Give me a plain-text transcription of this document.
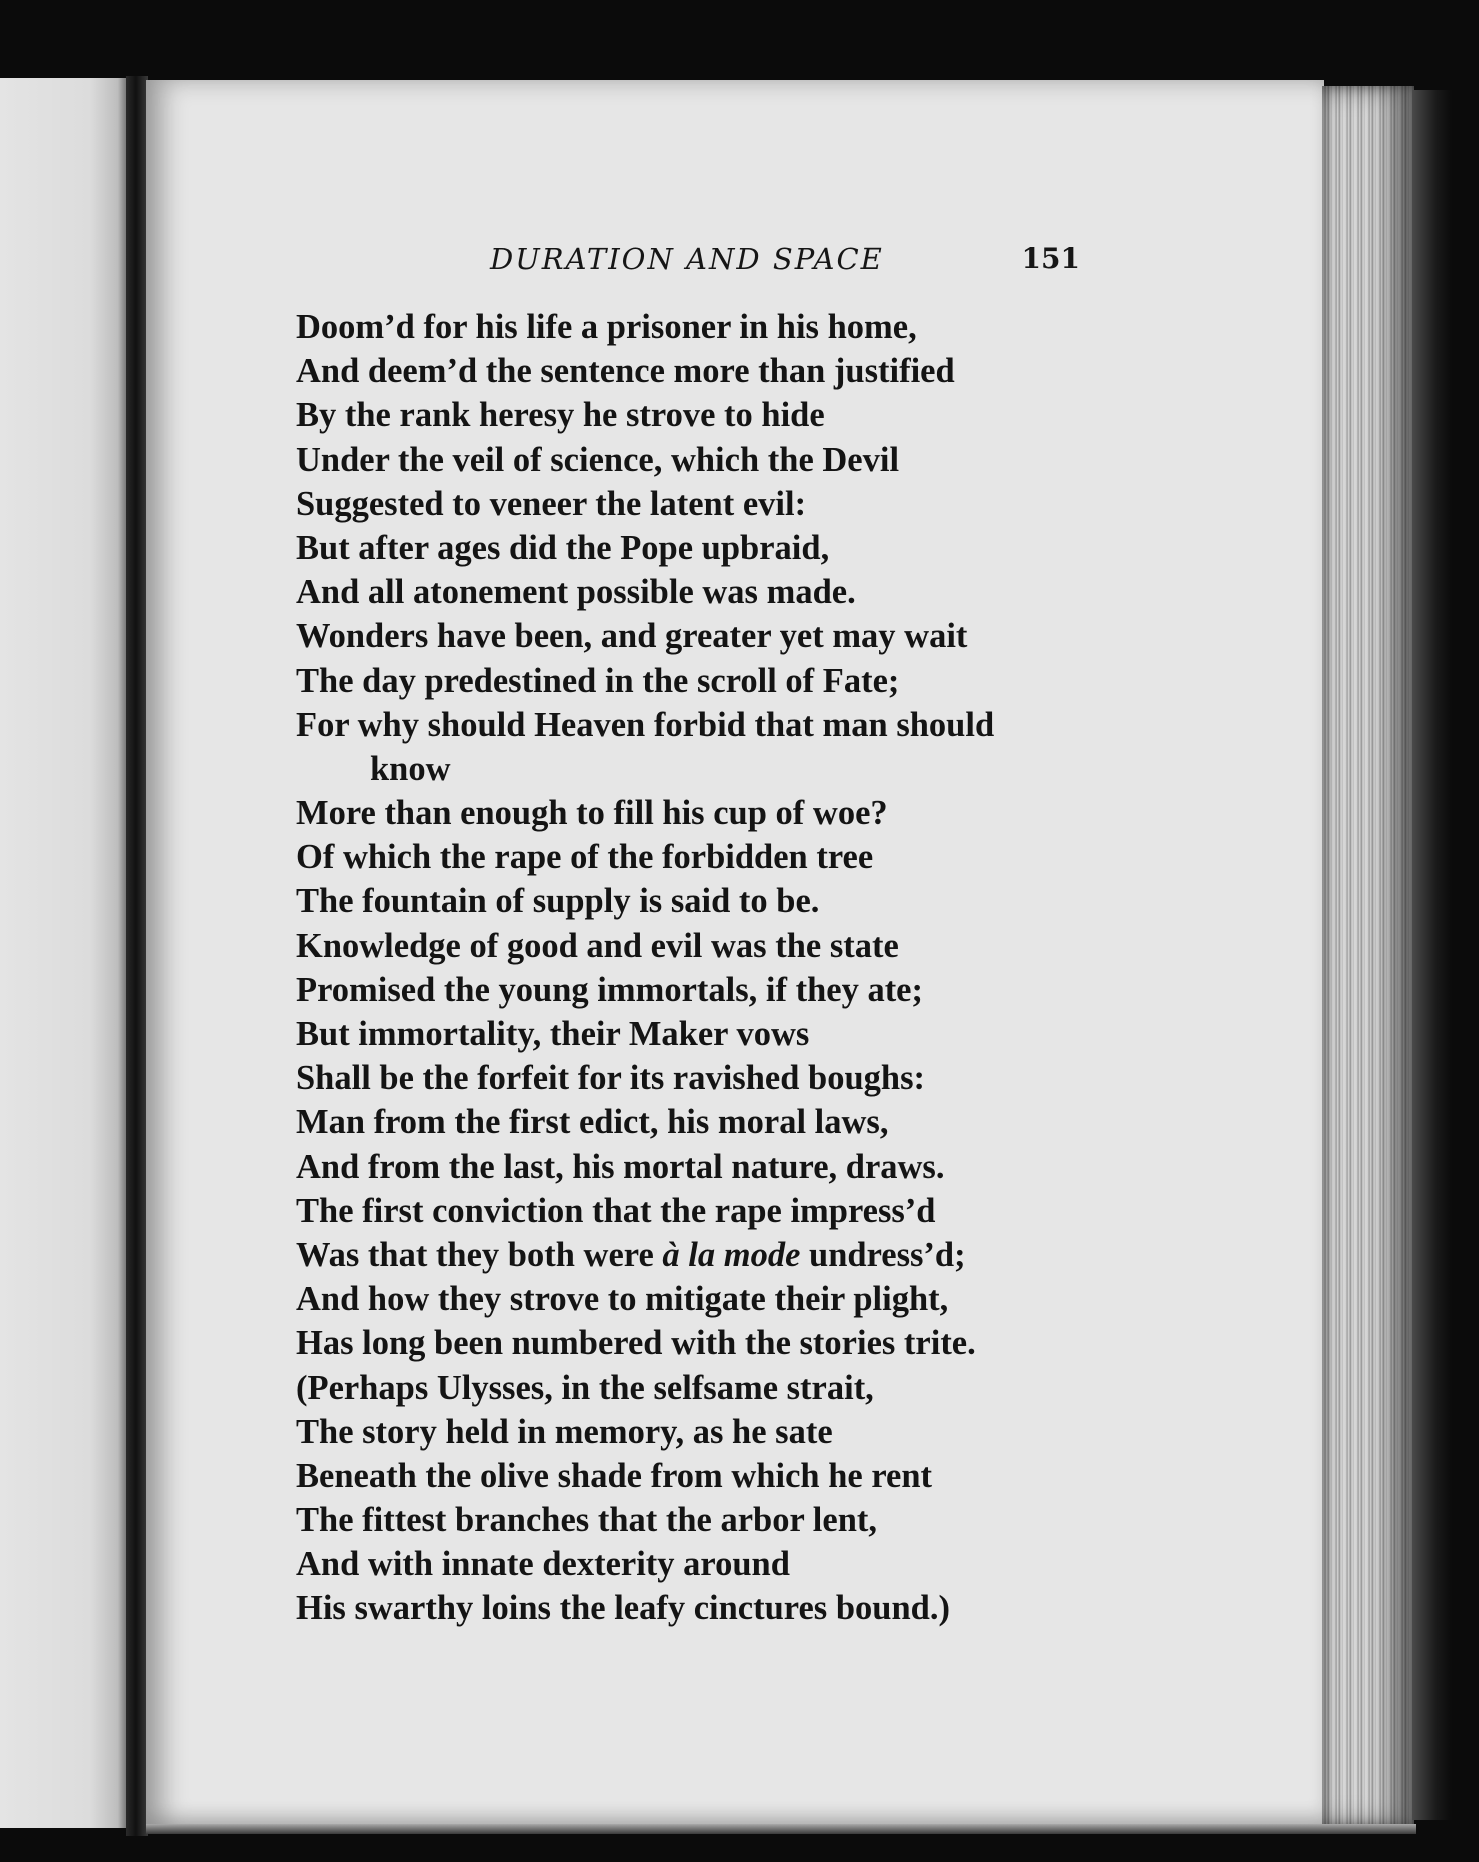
DURATION AND SPACE	151
Doom’d for his life a prisoner in his home,
And deem’d the sentence more than justified
By the rank heresy he strove to hide
Under the veil of science, which the Devil
Suggested to veneer the latent evil:
But after ages did the Pope upbraid,
And all atonement possible was made.
Wonders have been, and greater yet may wait
The day predestined in the scroll of Fate;
For why should Heaven forbid that man should
know
More than enough to fill his cup of woe?
Of which the rape of the forbidden tree
The fountain of supply is said to be.
Knowledge of good and evil was the state
Promised the young immortals, if they ate;
But immortality, their Maker vows
Shall be the forfeit for its ravished boughs:
Man from the first edict, his moral laws,
And from the last, his mortal nature, draws.
The first conviction that the rape impress’d
Was that they both were à la mode undress’d;
And how they strove to mitigate their plight,
Has long been numbered with the stories trite.
(Perhaps Ulysses, in the selfsame strait,
The story held in memory, as he sate
Beneath the olive shade from which he rent
The fittest branches that the arbor lent,
And with innate dexterity around
His swarthy loins the leafy cinctures bound.)
